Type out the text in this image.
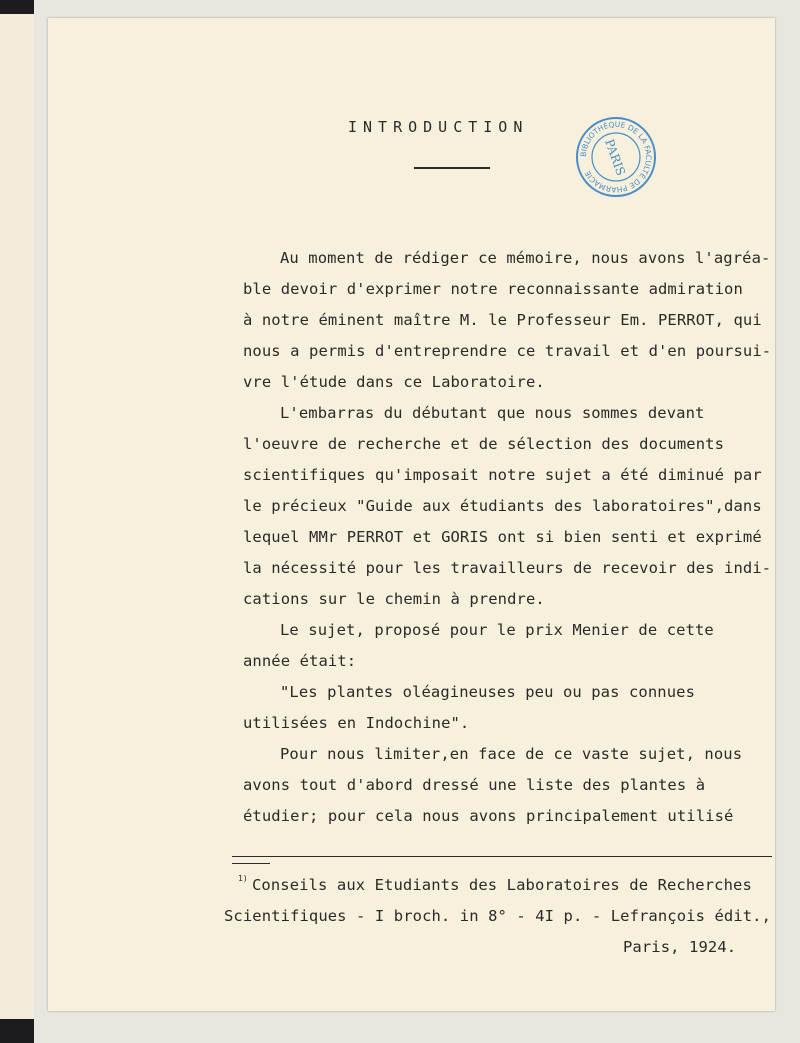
INTRODUCTION
BIBLIOTHÈQUE DE LA FACULTÉ DE PHARMACIE PARIS
Au moment de rédiger ce mémoire, nous avons l'agréa-
ble devoir d'exprimer notre reconnaissante admiration
à notre éminent maître M. le Professeur Em. PERROT, qui
nous a permis d'entreprendre ce travail et d'en poursui-
vre l'étude dans ce Laboratoire.
L'embarras du débutant que nous sommes devant
l'oeuvre de recherche et de sélection des documents
scientifiques qu'imposait notre sujet a été diminué par
le précieux "Guide aux étudiants des laboratoires",dans
lequel MMr PERROT et GORIS ont si bien senti et exprimé
la nécessité pour les travailleurs de recevoir des indi-
cations sur le chemin à prendre.
Le sujet, proposé pour le prix Menier de cette
année était:
"Les plantes oléagineuses peu ou pas connues
utilisées en Indochine".
Pour nous limiter,en face de ce vaste sujet, nous
avons tout d'abord dressé une liste des plantes à
étudier; pour cela nous avons principalement utilisé
$^{1)}$ Conseils aux Etudiants des Laboratoires de Recherches
Scientifiques - I broch. in 8° - 4I p. - Lefrançois édit.,
Paris, 1924.
